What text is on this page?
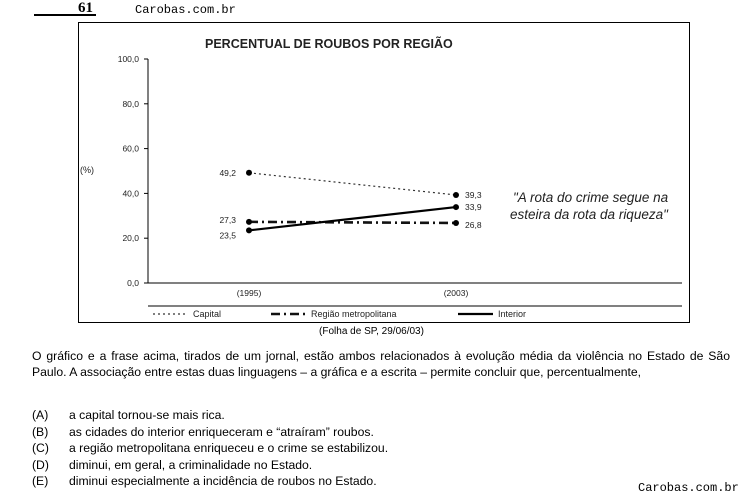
61	Carobas.com.br
PERCENTUAL DE ROUBOS POR REGIÃO
(%)
0,0
20,0
40,0
60,0
80,0
100,0
(1995)	(2003)
49,2
39,3
27,3
26,8
23,5
33,9
"A rota do crime segue na esteira da rota da riqueza"
Capital	Região metropolitana	Interior
(Folha de SP, 29/06/03)
O gráfico e a frase acima, tirados de um jornal, estão ambos relacionados à evolução média da violência no Estado de São Paulo. A associação entre estas duas linguagens – a gráfica e a escrita – permite concluir que, percentualmente,
(A) a capital tornou-se mais rica.
(B) as cidades do interior enriqueceram e “atraíram” roubos.
(C) a região metropolitana enriqueceu e o crime se estabilizou.
(D) diminui, em geral, a criminalidade no Estado.
(E) diminui especialmente a incidência de roubos no Estado.	Carobas.com.br
